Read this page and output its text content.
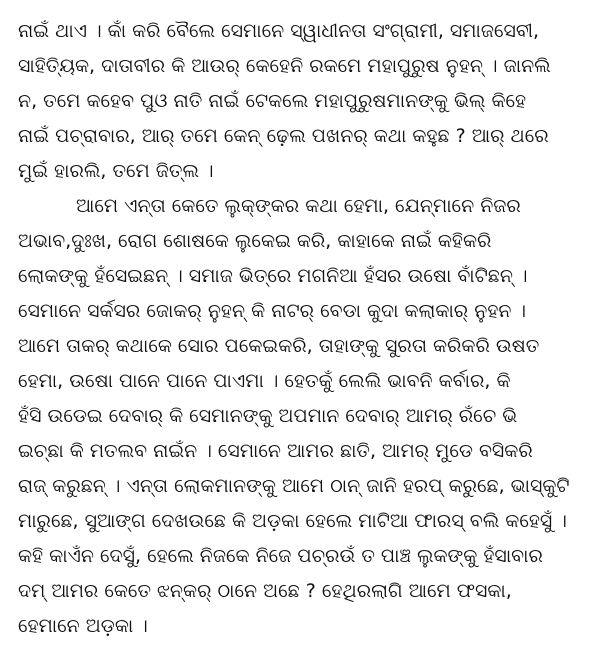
ନାଇଁ ଥାଏ । କାଁ କରି ବୈଲେ ସେମାନେ ସ୍ୱାଧୀନତା ସଂଗ୍ରାମୀ, ସମାଜସେବୀ,
ସାହିତ୍ୟିକ, ଦାତାବୀର କି ଆଉର୍ କେହେନି ରକମେ ମହାପୁରୁଷ ନୁହନ୍ । ଜାନଲି
ନ, ତମେ କହେବ ପୁଓ ନାତି ନାଇଁ ଟେକଲେ ମହାପୁରୁଷମାନଙ୍କୁ ଭିଲ୍ କିହେ
ନାଇଁ ପଚ୍ରାବାର, ଆର୍ ତମେ କେନ୍ ଢ଼େଲ ପଖନର୍ କଥା କହୁଛ ? ଆର୍ ଥରେ
ମୁଇଁ ହାରଲି, ତମେ ଜିତ୍ଲ ।
ଆମେ ଏନ୍ତା କେତେ ଲୁକ୍ଙ୍କର କଥା ହେମା, ଯେନ୍‌ମାନେ ନିଜର
ଅଭାବ,ଦୁଃଖ, ରୋଗ ଶୋଷକେ ଲୁକେଇ କରି, କାହାକେ ନାଇଁ କହିକରି
ଲୋକଙ୍କୁ ହଁସେଇଛନ୍ । ସମାଜ ଭିତ୍ରେ ମଗନିଆ ହଁସର ଉଷୋ ବାଁଟିଛନ୍ ।
ସେମାନେ ସର୍କସର ଜୋକର୍ ନୁହନ୍ କି ନାଟର୍ ବେଡା କୁଦା କଲାକାର୍ ନୁହନ ।
ଆମେ ତାକର୍ କଥାକେ ସୋର ପକେଇକରି, ତାହାଙ୍କୁ ସୁରତା କରିକରି ଉଷତ
ହେମା, ଉଷୋ ପାନେ ପାନେ ପାଏମା । ହେତକୁଁ ଲେଲି ଭାବନି କର୍ବାର, କି
ହଁସି ଉଡେଇ ଦେବାର୍ କି ସେମାନଙ୍କୁ ଅପମାନ ଦେବାର୍ ଆମର୍ ରଁଚେ ଭି
ଇଚ୍ଛା କି ମତଲବ ନାଇଁନ । ସେମାନେ ଆମର ଛାତି, ଆମର୍ ମୁଡେ ବସିକରି
ରାଜ୍ କରୁଛନ୍ । ଏନ୍ତା ଲୋକମାନଙ୍କୁ ଆମେ ଠାନ୍ ଜାନି ହରପ୍ କରୁଛେ, ଭାସ୍କୁଟି
ମାରୁଛେ, ସୁଆଙ୍ଗ ଦେଖଉଛେ କି ଅଡ଼କା ହେଲେ ମାଟିଆ ଫାରସ୍ ବଲି କହେସୁଁ ।
କହି କାଏଁନ ଦେସୁଁ, ହେଲେ ନିଜକେ ନିଜେ ପଚ୍ରଉଁ ତ ପାଞ୍ଚ ଲୁକଙ୍କୁ ହଁସାବାର
ଦମ୍ ଆମର କେତେ ଝନ୍‌କର୍ ଠାନେ ଅଛେ ? ହେଥିରଲାଗି ଆମେ ଫସକା,
ହେମାନେ ଅଡ଼କା ।
